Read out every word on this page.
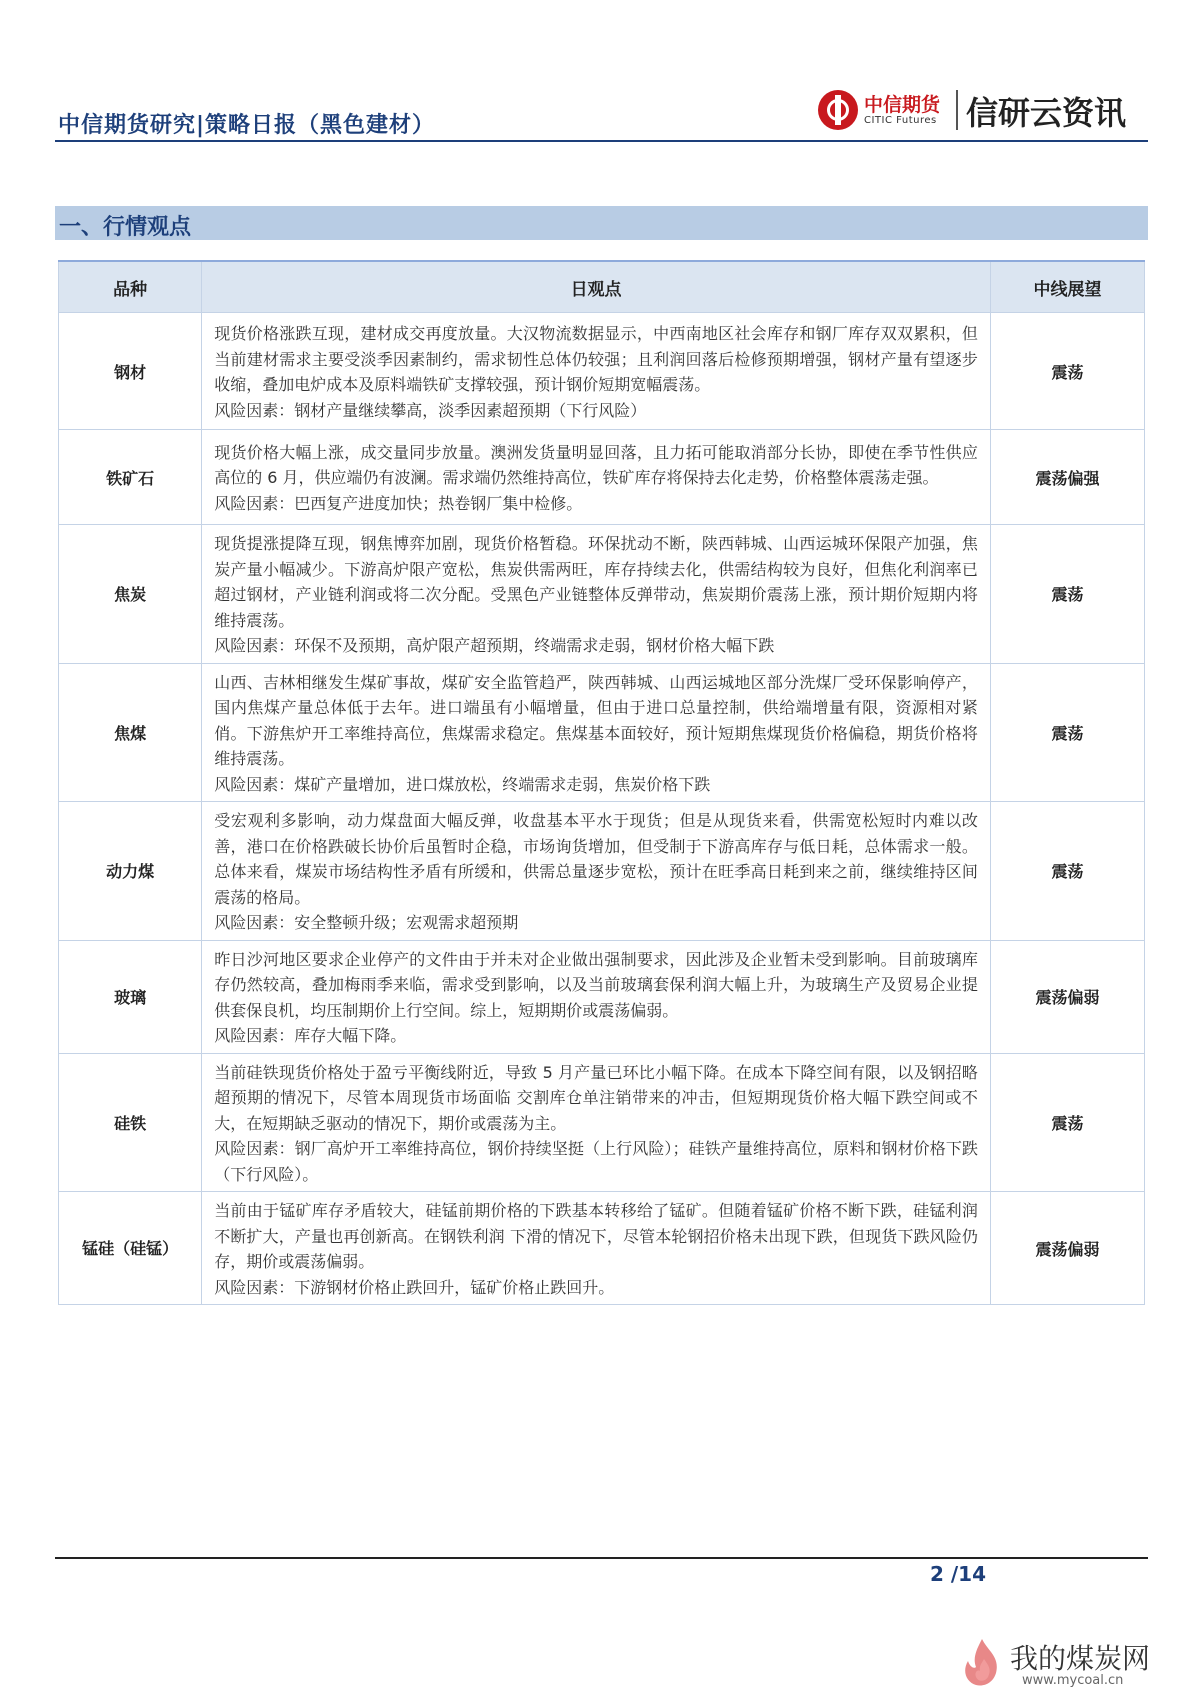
中信期货研究|策略日报（黑色建材）
中信期货
CITIC Futures 信研云资讯
一、行情观点
品种	日观点	中线展望
钢材	现货价格涨跌互现，建材成交再度放量。大汉物流数据显示，中西南地区社会库存和钢厂库存双双累积，但当前建材需求主要受淡季因素制约，需求韧性总体仍较强；且利润回落后检修预期增强，钢材产量有望逐步收缩，叠加电炉成本及原料端铁矿支撑较强，预计钢价短期宽幅震荡。
风险因素：钢材产量继续攀高，淡季因素超预期（下行风险）	震荡
铁矿石	现货价格大幅上涨，成交量同步放量。澳洲发货量明显回落，且力拓可能取消部分长协，即使在季节性供应高位的 6 月，供应端仍有波澜。需求端仍然维持高位，铁矿库存将保持去化走势，价格整体震荡走强。
风险因素：巴西复产进度加快；热卷钢厂集中检修。	震荡偏强
焦炭	现货提涨提降互现，钢焦博弈加剧，现货价格暂稳。环保扰动不断，陕西韩城、山西运城环保限产加强，焦炭产量小幅减少。下游高炉限产宽松，焦炭供需两旺，库存持续去化，供需结构较为良好，但焦化利润率已超过钢材，产业链利润或将二次分配。受黑色产业链整体反弹带动，焦炭期价震荡上涨，预计期价短期内将维持震荡。
风险因素：环保不及预期，高炉限产超预期，终端需求走弱，钢材价格大幅下跌	震荡
焦煤	山西、吉林相继发生煤矿事故，煤矿安全监管趋严，陕西韩城、山西运城地区部分洗煤厂受环保影响停产，国内焦煤产量总体低于去年。进口端虽有小幅增量，但由于进口总量控制，供给端增量有限，资源相对紧俏。下游焦炉开工率维持高位，焦煤需求稳定。焦煤基本面较好，预计短期焦煤现货价格偏稳，期货价格将维持震荡。
风险因素：煤矿产量增加，进口煤放松，终端需求走弱，焦炭价格下跌	震荡
动力煤	受宏观利多影响，动力煤盘面大幅反弹，收盘基本平水于现货；但是从现货来看，供需宽松短时内难以改善，港口在价格跌破长协价后虽暂时企稳，市场询货增加，但受制于下游高库存与低日耗，总体需求一般。总体来看，煤炭市场结构性矛盾有所缓和，供需总量逐步宽松，预计在旺季高日耗到来之前，继续维持区间震荡的格局。
风险因素：安全整顿升级；宏观需求超预期	震荡
玻璃	昨日沙河地区要求企业停产的文件由于并未对企业做出强制要求，因此涉及企业暂未受到影响。目前玻璃库存仍然较高，叠加梅雨季来临，需求受到影响，以及当前玻璃套保利润大幅上升，为玻璃生产及贸易企业提供套保良机，均压制期价上行空间。综上，短期期价或震荡偏弱。
风险因素：库存大幅下降。	震荡偏弱
硅铁	当前硅铁现货价格处于盈亏平衡线附近，导致 5 月产量已环比小幅下降。在成本下降空间有限，以及钢招略超预期的情况下，尽管本周现货市场面临 交割库仓单注销带来的冲击，但短期现货价格大幅下跌空间或不大，在短期缺乏驱动的情况下，期价或震荡为主。
风险因素：钢厂高炉开工率维持高位，钢价持续坚挺（上行风险）；硅铁产量维持高位，原料和钢材价格下跌（下行风险）。	震荡
锰硅（硅锰）	当前由于锰矿库存矛盾较大，硅锰前期价格的下跌基本转移给了锰矿。但随着锰矿价格不断下跌，硅锰利润不断扩大，产量也再创新高。在钢铁利润 下滑的情况下，尽管本轮钢招价格未出现下跌，但现货下跌风险仍存，期价或震荡偏弱。
风险因素：下游钢材价格止跌回升，锰矿价格止跌回升。	震荡偏弱
2 /14
我的煤炭网
www.mycoal.cn
